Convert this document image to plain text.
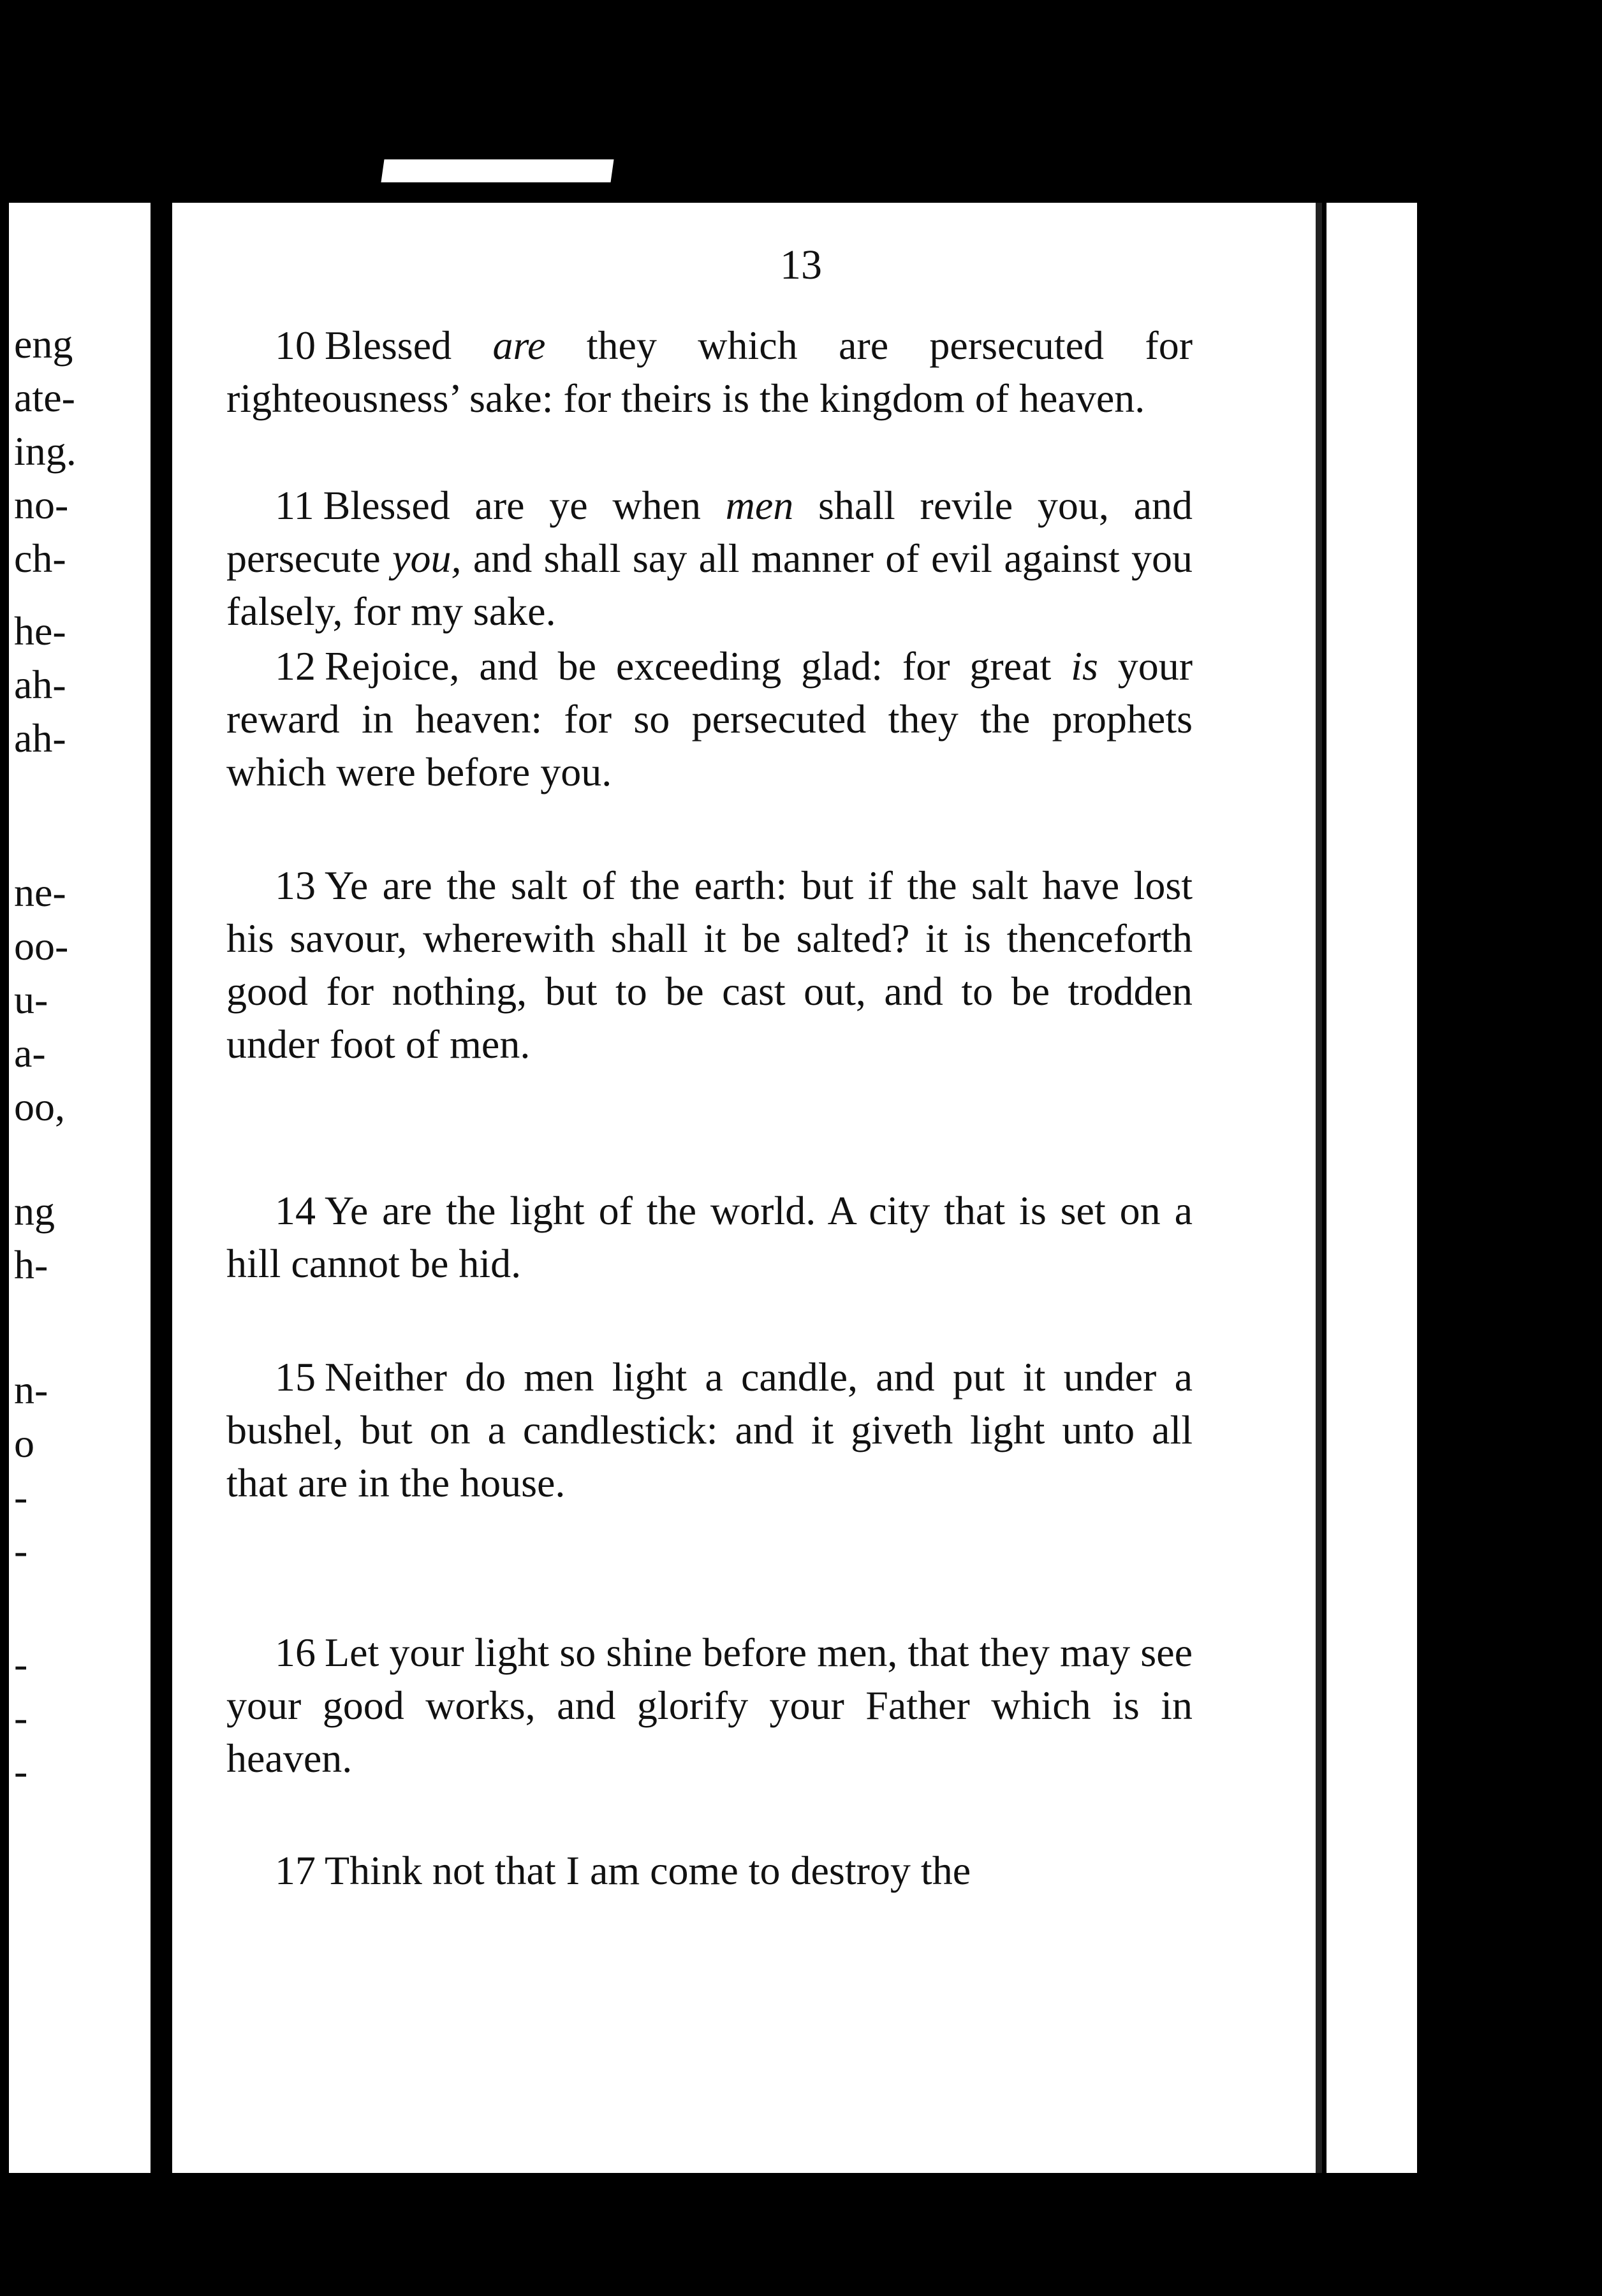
eng
ate-
ing.
no-
ch-
he-
ah-
ah-
ne-
oo-
u-
a-
oo,
ng
h-
n-
o
-
-
-
-
-
13

10 Blessed are they which are persecuted for righteousness’ sake: for theirs is the kingdom of heaven.

11 Blessed are ye when men shall revile you, and persecute you, and shall say all manner of evil against you falsely, for my sake.

12 Rejoice, and be exceeding glad: for great is your reward in heaven: for so persecuted they the prophets which were before you.

13 Ye are the salt of the earth: but if the salt have lost his savour, wherewith shall it be salted? it is thenceforth good for nothing, but to be cast out, and to be trodden under foot of men.

14 Ye are the light of the world. A city that is set on a hill cannot be hid.

15 Neither do men light a candle, and put it under a bushel, but on a candlestick: and it giveth light unto all that are in the house.

16 Let your light so shine before men, that they may see your good works, and glorify your Father which is in heaven.

17 Think not that I am come to destroy the
